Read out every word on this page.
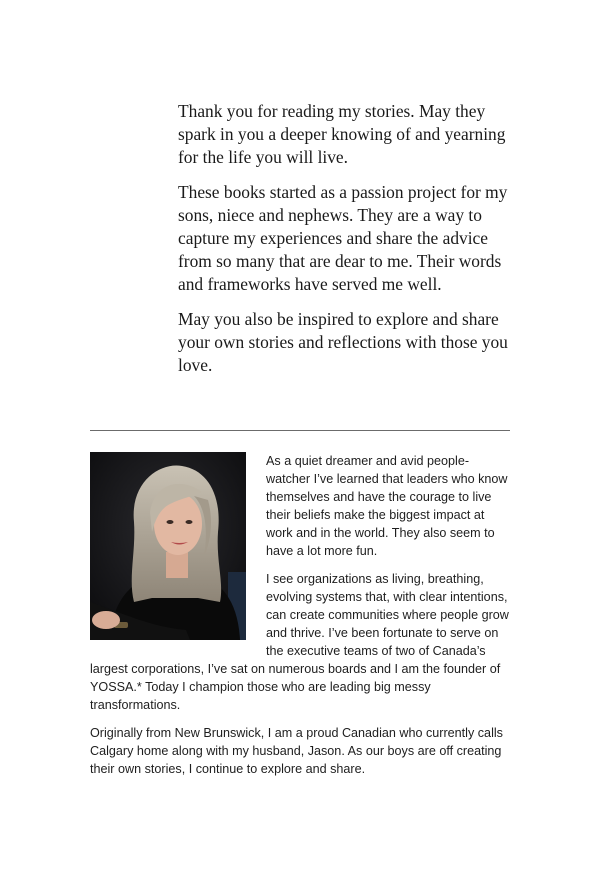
Thank you for reading my stories. May they spark in you a deeper knowing of and yearning for the life you will live.

These books started as a passion project for my sons, niece and nephews. They are a way to capture my experiences and share the advice from so many that are dear to me. Their words and frameworks have served me well.

May you also be inspired to explore and share your own stories and reflections with those you love.

As a quiet dreamer and avid people-watcher I’ve learned that leaders who know themselves and have the courage to live their beliefs make the biggest impact at work and in the world. They also seem to have a lot more fun.

I see organizations as living, breathing, evolving systems that, with clear intentions, can create communities where people grow and thrive. I’ve been fortunate to serve on the executive teams of two of Canada’s largest corporations, I’ve sat on numerous boards and I am the founder of YOSSA.* Today I champion those who are leading big messy transformations.

Originally from New Brunswick, I am a proud Canadian who currently calls Calgary home along with my husband, Jason. As our boys are off creating their own stories, I continue to explore and share.
